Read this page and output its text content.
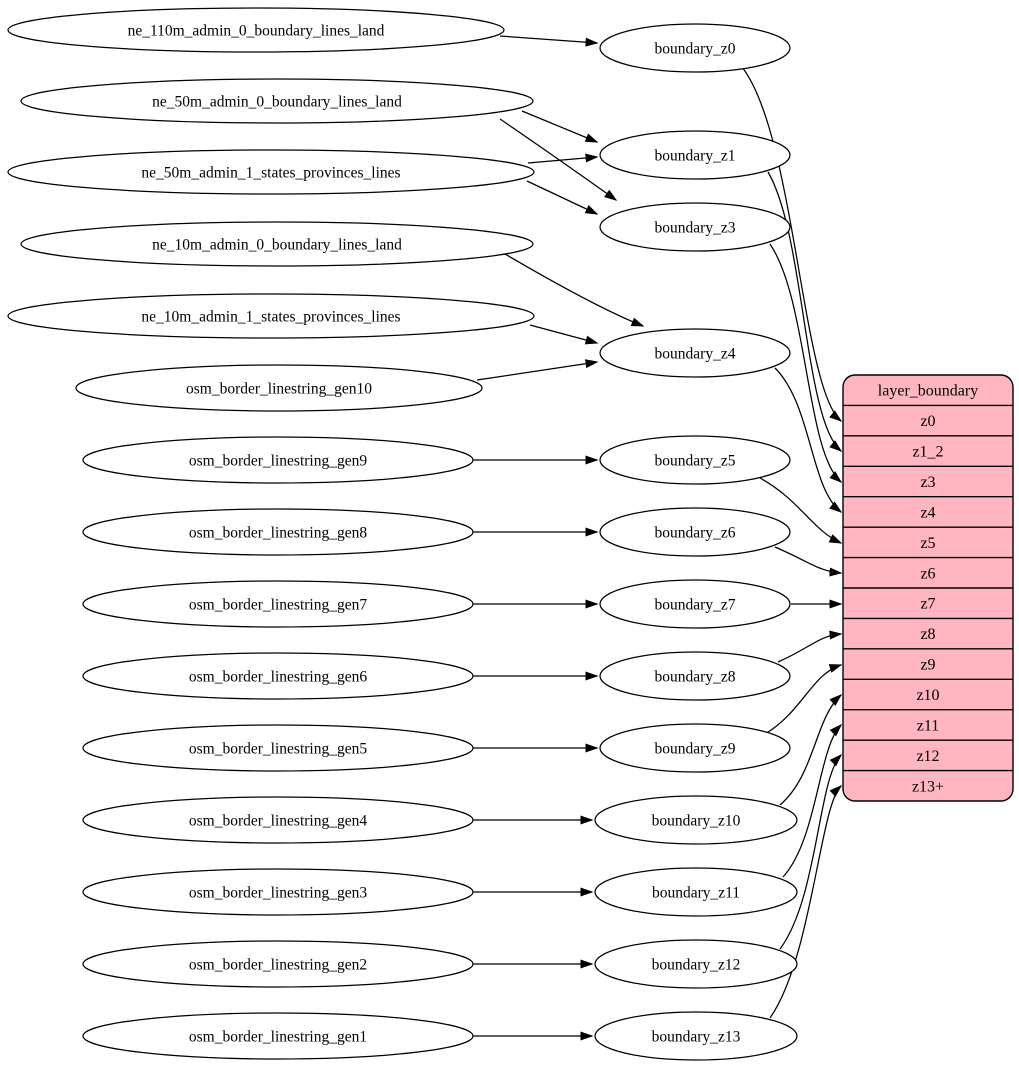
ne_110m_admin_0_boundary_lines_land
ne_50m_admin_0_boundary_lines_land
ne_50m_admin_1_states_provinces_lines
ne_10m_admin_0_boundary_lines_land
ne_10m_admin_1_states_provinces_lines
osm_border_linestring_gen10
osm_border_linestring_gen9
osm_border_linestring_gen8
osm_border_linestring_gen7
osm_border_linestring_gen6
osm_border_linestring_gen5
osm_border_linestring_gen4
osm_border_linestring_gen3
osm_border_linestring_gen2
osm_border_linestring_gen1
boundary_z0
boundary_z1
boundary_z3
boundary_z4
boundary_z5
boundary_z6
boundary_z7
boundary_z8
boundary_z9
boundary_z10
boundary_z11
boundary_z12
boundary_z13
layer_boundary
z0
z1_2
z3
z4
z5
z6
z7
z8
z9
z10
z11
z12
z13+
